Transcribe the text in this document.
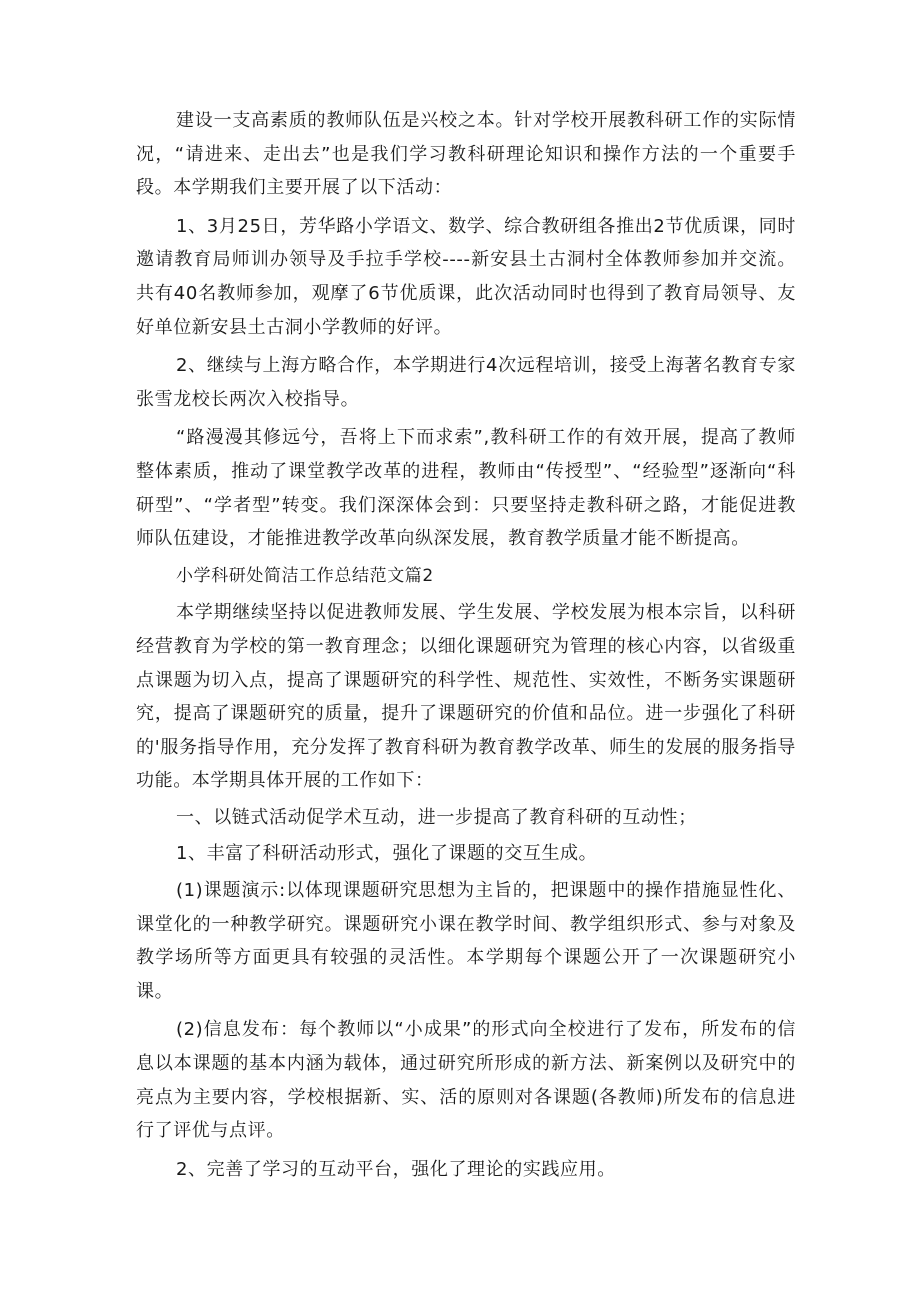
建设一支高素质的教师队伍是兴校之本。针对学校开展教科研工作的实际情况，“请进来、走出去”也是我们学习教科研理论知识和操作方法的一个重要手段。本学期我们主要开展了以下活动：

1、3月25日，芳华路小学语文、数学、综合教研组各推出2节优质课，同时邀请教育局师训办领导及手拉手学校----新安县土古洞村全体教师参加并交流。共有40名教师参加，观摩了6节优质课，此次活动同时也得到了教育局领导、友好单位新安县土古洞小学教师的好评。

2、继续与上海方略合作，本学期进行4次远程培训，接受上海著名教育专家张雪龙校长两次入校指导。

“路漫漫其修远兮，吾将上下而求索”,教科研工作的有效开展，提高了教师整体素质，推动了课堂教学改革的进程，教师由“传授型”、“经验型”逐渐向“科研型”、“学者型”转变。我们深深体会到：只要坚持走教科研之路，才能促进教师队伍建设，才能推进教学改革向纵深发展，教育教学质量才能不断提高。

小学科研处简洁工作总结范文篇2

本学期继续坚持以促进教师发展、学生发展、学校发展为根本宗旨，以科研经营教育为学校的第一教育理念；以细化课题研究为管理的核心内容，以省级重点课题为切入点，提高了课题研究的科学性、规范性、实效性，不断务实课题研究，提高了课题研究的质量，提升了课题研究的价值和品位。进一步强化了科研的'服务指导作用，充分发挥了教育科研为教育教学改革、师生的发展的服务指导功能。本学期具体开展的工作如下：

一、以链式活动促学术互动，进一步提高了教育科研的互动性；

1、丰富了科研活动形式，强化了课题的交互生成。

(1)课题演示:以体现课题研究思想为主旨的，把课题中的操作措施显性化、课堂化的一种教学研究。课题研究小课在教学时间、教学组织形式、参与对象及教学场所等方面更具有较强的灵活性。本学期每个课题公开了一次课题研究小课。

(2)信息发布：每个教师以“小成果”的形式向全校进行了发布，所发布的信息以本课题的基本内涵为载体，通过研究所形成的新方法、新案例以及研究中的亮点为主要内容，学校根据新、实、活的原则对各课题(各教师)所发布的信息进行了评优与点评。

2、完善了学习的互动平台，强化了理论的实践应用。
